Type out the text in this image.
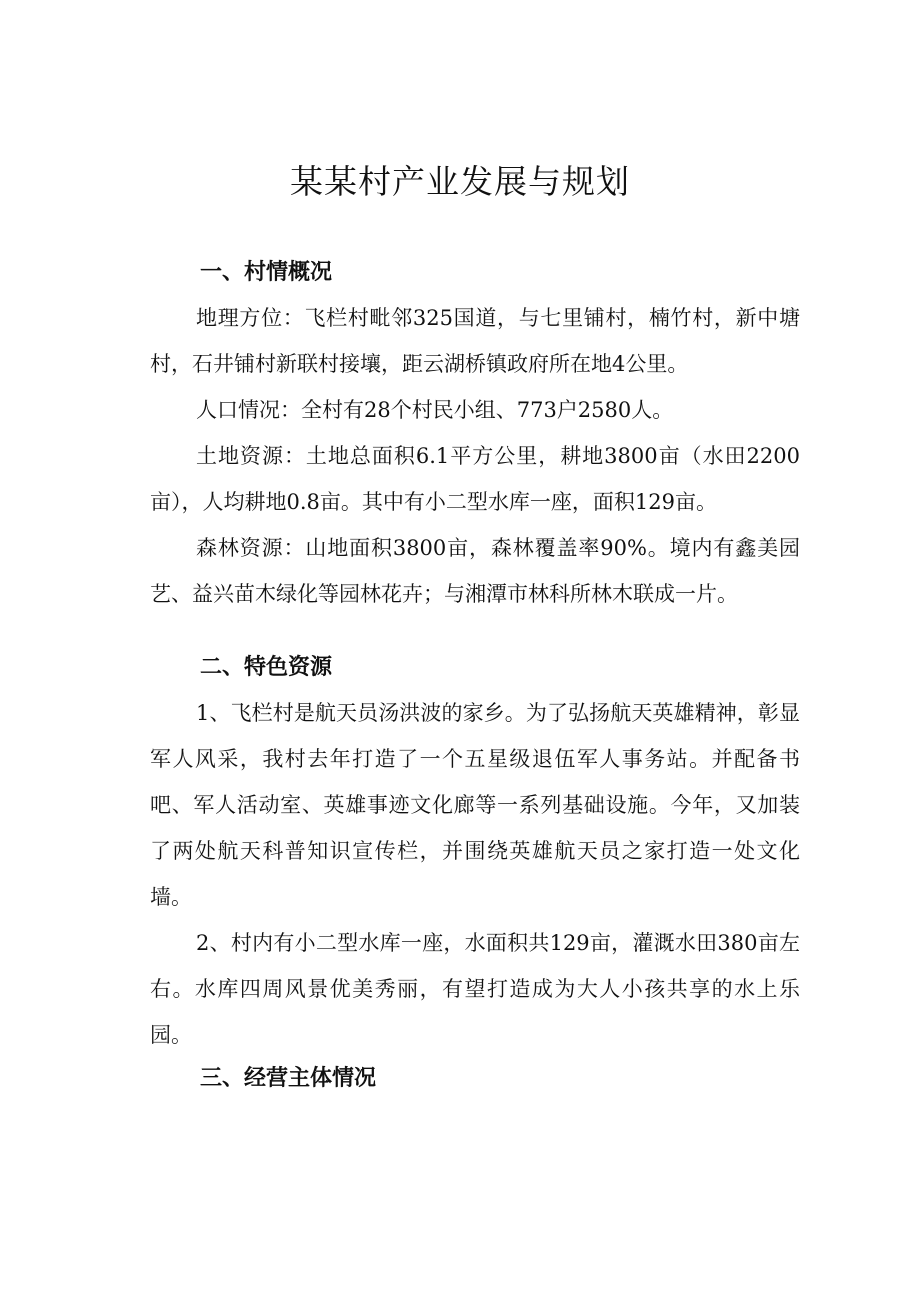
某某村产业发展与规划
一、村情概况

地理方位：飞栏村毗邻325国道，与七里铺村，楠竹村，新中塘村，石井铺村新联村接壤，距云湖桥镇政府所在地4公里。

人口情况：全村有28个村民小组、773户2580人。

土地资源：土地总面积6.1平方公里，耕地3800亩（水田2200亩），人均耕地0.8亩。其中有小二型水库一座，面积129亩。

森林资源：山地面积3800亩，森林覆盖率90%。境内有鑫美园艺、益兴苗木绿化等园林花卉；与湘潭市林科所林木联成一片。

二、特色资源

1、飞栏村是航天员汤洪波的家乡。为了弘扬航天英雄精神，彰显军人风采，我村去年打造了一个五星级退伍军人事务站。并配备书吧、军人活动室、英雄事迹文化廊等一系列基础设施。今年，又加装了两处航天科普知识宣传栏，并围绕英雄航天员之家打造一处文化墙。

2、村内有小二型水库一座，水面积共129亩，灌溉水田380亩左右。水库四周风景优美秀丽，有望打造成为大人小孩共享的水上乐园。

三、经营主体情况
